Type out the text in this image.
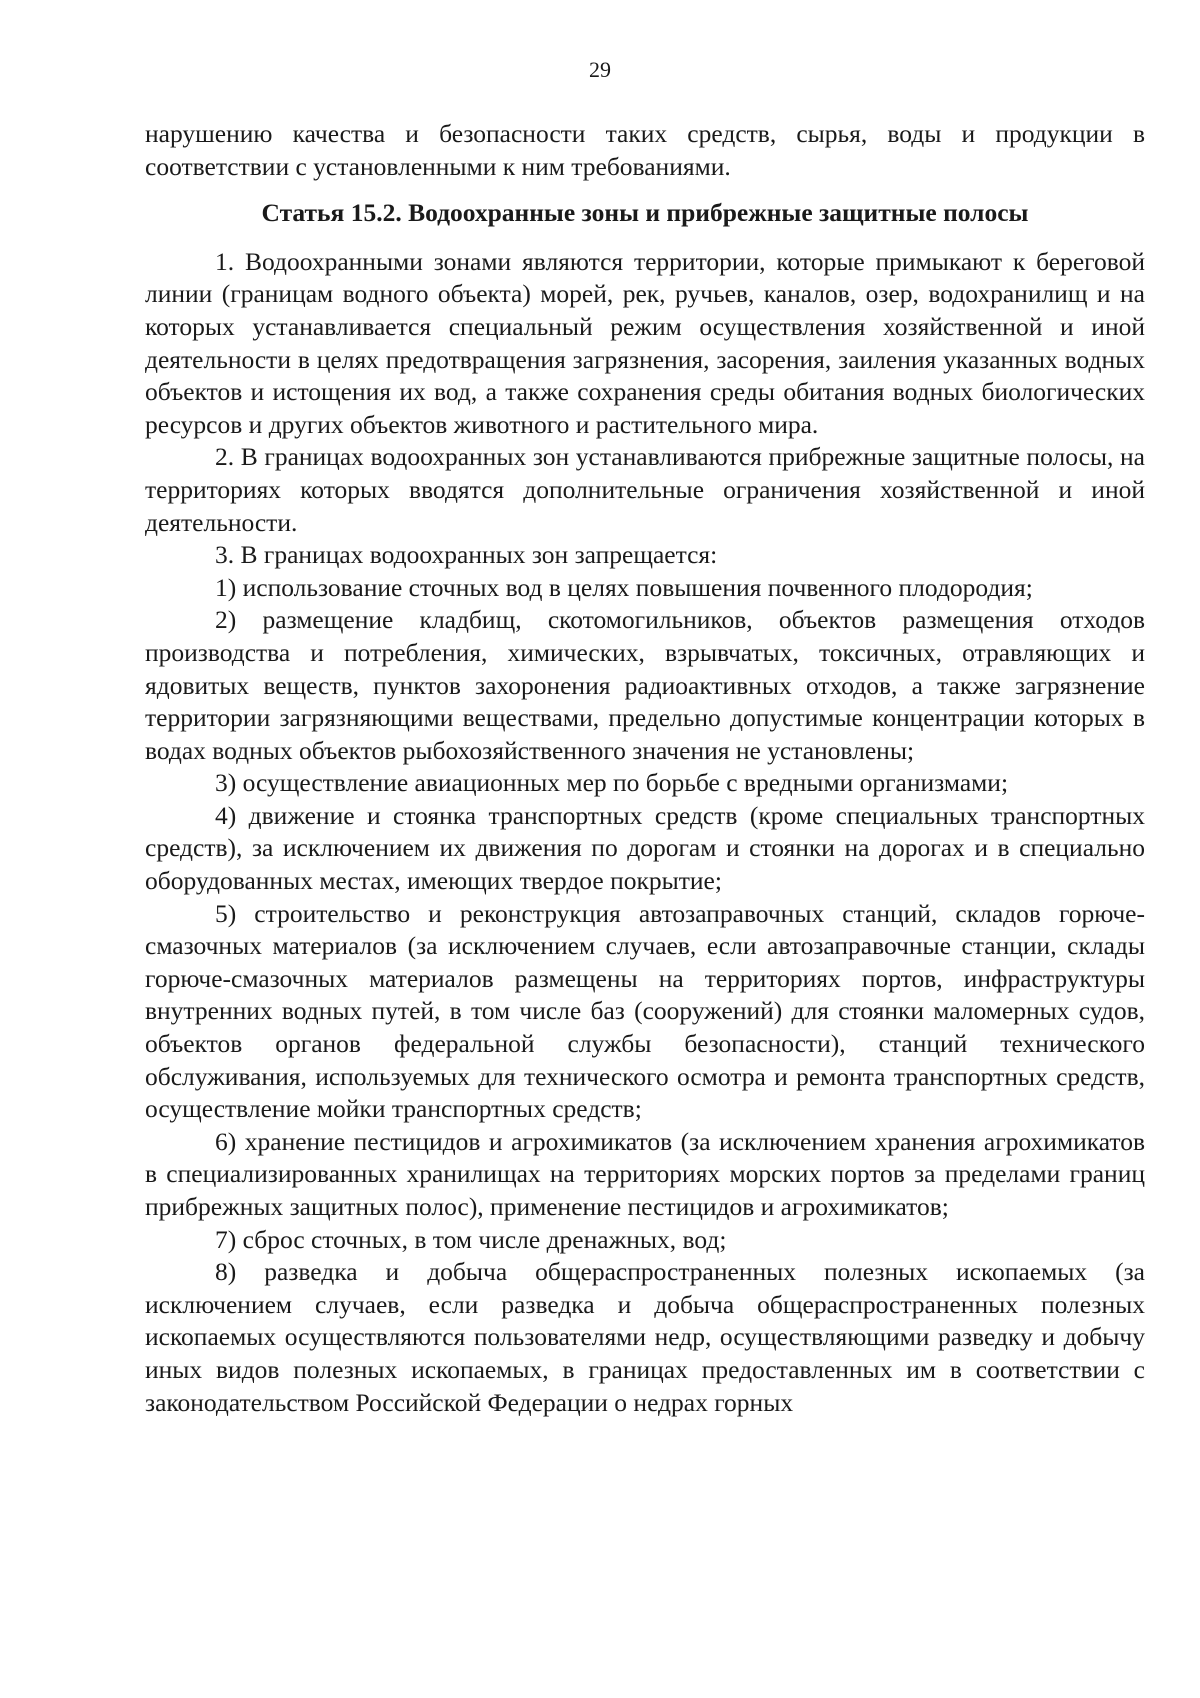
29

нарушению качества и безопасности таких средств, сырья, воды и продукции в соответствии с установленными к ним требованиями.

Статья 15.2. Водоохранные зоны и прибрежные защитные полосы

1. Водоохранными зонами являются территории, которые примыкают к береговой линии (границам водного объекта) морей, рек, ручьев, каналов, озер, водохранилищ и на которых устанавливается специальный режим осуществления хозяйственной и иной деятельности в целях предотвращения загрязнения, засорения, заиления указанных водных объектов и истощения их вод, а также сохранения среды обитания водных биологических ресурсов и других объектов животного и растительного мира.

2. В границах водоохранных зон устанавливаются прибрежные защитные полосы, на территориях которых вводятся дополнительные ограничения хозяйственной и иной деятельности.

3. В границах водоохранных зон запрещается:

1) использование сточных вод в целях повышения почвенного плодородия;

2) размещение кладбищ, скотомогильников, объектов размещения отходов производства и потребления, химических, взрывчатых, токсичных, отравляющих и ядовитых веществ, пунктов захоронения радиоактивных отходов, а также загрязнение территории загрязняющими веществами, предельно допустимые концентрации которых в водах водных объектов рыбохозяйственного значения не установлены;

3) осуществление авиационных мер по борьбе с вредными организмами;

4) движение и стоянка транспортных средств (кроме специальных транспортных средств), за исключением их движения по дорогам и стоянки на дорогах и в специально оборудованных местах, имеющих твердое покрытие;

5) строительство и реконструкция автозаправочных станций, складов горюче-смазочных материалов (за исключением случаев, если автозаправочные станции, склады горюче-смазочных материалов размещены на территориях портов, инфраструктуры внутренних водных путей, в том числе баз (сооружений) для стоянки маломерных судов, объектов органов федеральной службы безопасности), станций технического обслуживания, используемых для технического осмотра и ремонта транспортных средств, осуществление мойки транспортных средств;

6) хранение пестицидов и агрохимикатов (за исключением хранения агрохимикатов в специализированных хранилищах на территориях морских портов за пределами границ прибрежных защитных полос), применение пестицидов и агрохимикатов;

7) сброс сточных, в том числе дренажных, вод;

8) разведка и добыча общераспространенных полезных ископаемых (за исключением случаев, если разведка и добыча общераспространенных полезных ископаемых осуществляются пользователями недр, осуществляющими разведку и добычу иных видов полезных ископаемых, в границах предоставленных им в соответствии с законодательством Российской Федерации о недрах горных
